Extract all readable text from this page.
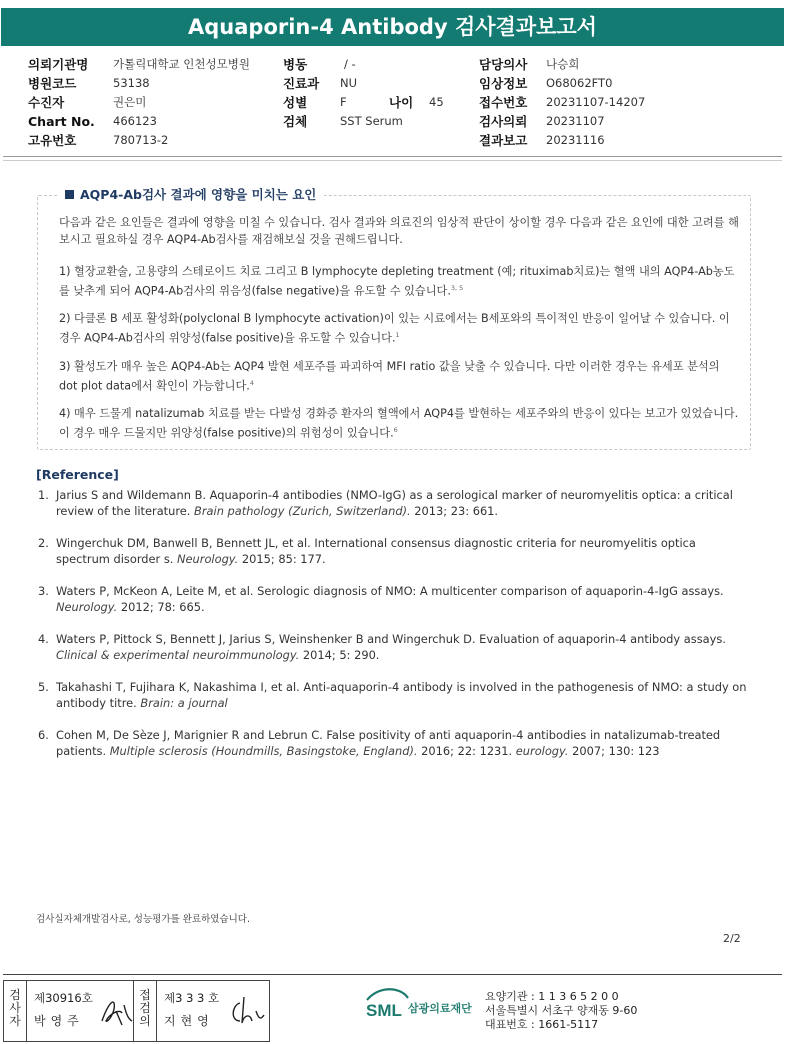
Aquaporin-4 Antibody 검사결과보고서
의뢰기관명 가톨릭대학교 인천성모병원	병동	/ -	담당의사 나승희
병원코드	53138	진료과 NU	임상정보 O68062FT0
수진자	권은미	성별	F	나이 45	접수번호 20231107-14207
Chart No. 466123	검체	SST Serum	검사의뢰 20231107
고유번호	780713-2	결과보고 20231116
AQP4-Ab검사 결과에 영향을 미치는 요인
다음과 같은 요인들은 결과에 영향을 미칠 수 있습니다. 검사 결과와 의료진의 임상적 판단이 상이할 경우 다음과 같은 요인에 대한 고려를 해 보시고 필요하실 경우 AQP4-Ab검사를 재검해보실 것을 권해드립니다.
1) 혈장교환술, 고용량의 스테로이드 치료 그리고 B lymphocyte depleting treatment (예; rituximab치료)는 혈액 내의 AQP4-Ab농도를 낮추게 되어 AQP4-Ab검사의 위음성(false negative)을 유도할 수 있습니다.$^{3, 5}$
2) 다클론 B 세포 활성화(polyclonal B lymphocyte activation)이 있는 시료에서는 B세포와의 특이적인 반응이 일어날 수 있습니다. 이 경우 AQP4-Ab검사의 위양성(false positive)을 유도할 수 있습니다.$^1$
3) 활성도가 매우 높은 AQP4-Ab는 AQP4 발현 세포주를 파괴하여 MFI ratio 값을 낮출 수 있습니다. 다만 이러한 경우는 유세포 분석의 dot plot data에서 확인이 가능합니다.$^4$
4) 매우 드물게 natalizumab 치료를 받는 다발성 경화증 환자의 혈액에서 AQP4를 발현하는 세포주와의 반응이 있다는 보고가 있었습니다. 이 경우 매우 드물지만 위양성(false positive)의 위험성이 있습니다.$^6$
[Reference]
1. Jarius S and Wildemann B. Aquaporin-4 antibodies (NMO-IgG) as a serological marker of neuromyelitis optica: a critical review of the literature. Brain pathology (Zurich, Switzerland). 2013; 23: 661.
2. Wingerchuk DM, Banwell B, Bennett JL, et al. International consensus diagnostic criteria for neuromyelitis optica spectrum disorder s. Neurology. 2015; 85: 177.
3. Waters P, McKeon A, Leite M, et al. Serologic diagnosis of NMO: A multicenter comparison of aquaporin-4-IgG assays. Neurology. 2012; 78: 665.
4. Waters P, Pittock S, Bennett J, Jarius S, Weinshenker B and Wingerchuk D. Evaluation of aquaporin-4 antibody assays. Clinical & experimental neuroimmunology. 2014; 5: 290.
5. Takahashi T, Fujihara K, Nakashima I, et al. Anti-aquaporin-4 antibody is involved in the pathogenesis of NMO: a study on antibody titre. Brain: a journal
6. Cohen M, De Sèze J, Marignier R and Lebrun C. False positivity of anti aquaporin-4 antibodies in natalizumab-treated patients. Multiple sclerosis (Houndmills, Basingstoke, England). 2016; 22: 1231. eurology. 2007; 130: 123
검사실자체개발검사로, 성능평가를 완료하였습니다.
2/2
검
사
자
제30916호
박영주
접
검
의
제3 3 3 호
지현영
SML 삼광의료재단
요양기관 : 1 1 3 6 5 2 0 0
서울특별시 서초구 양재동 9-60
대표번호 : 1661-5117
